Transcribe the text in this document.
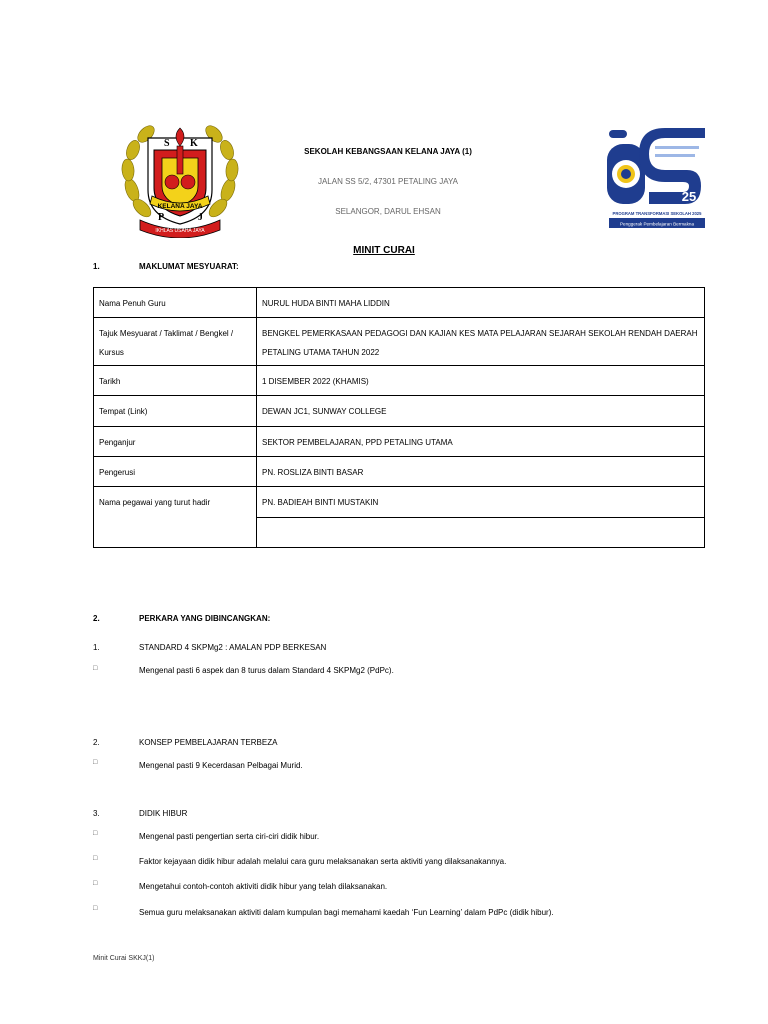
S K
P	J
KELANA JAYA
IKHLAS USAHA JAYA
SEKOLAH KEBANGSAAN KELANA JAYA (1)
JALAN SS 5/2, 47301 PETALING JAYA
SELANGOR, DARUL EHSAN
25
PROGRAM TRANSFORMASI SEKOLAH 2025
Penggerak Pembelajaran Bermakna
MINIT CURAI
1.	MAKLUMAT MESYUARAT:
Nama Penuh Guru	NURUL HUDA BINTI MAHA LIDDIN
Tajuk Mesyuarat / Taklimat / Bengkel / Kursus	BENGKEL PEMERKASAAN PEDAGOGI DAN KAJIAN KES MATA PELAJARAN SEJARAH SEKOLAH RENDAH DAERAH PETALING UTAMA TAHUN 2022
Tarikh	1 DISEMBER 2022 (KHAMIS)
Tempat (Link)	DEWAN JC1, SUNWAY COLLEGE
Penganjur	SEKTOR PEMBELAJARAN, PPD PETALING UTAMA
Pengerusi	PN. ROSLIZA BINTI BASAR
Nama pegawai yang turut hadir	PN. BADIEAH BINTI MUSTAKIN

2.	PERKARA YANG DIBINCANGKAN:
1.	STANDARD 4 SKPMg2 : AMALAN PDP BERKESAN
□	Mengenal pasti 6 aspek dan 8 turus dalam Standard 4 SKPMg2 (PdPc).
2.	KONSEP PEMBELAJARAN TERBEZA
□	Mengenal pasti 9 Kecerdasan Pelbagai Murid.
3.	DIDIK HIBUR
□	Mengenal pasti pengertian serta ciri-ciri didik hibur.
□	Faktor kejayaan didik hibur adalah melalui cara guru melaksanakan serta aktiviti yang dilaksanakannya.
□	Mengetahui contoh-contoh aktiviti didik hibur yang telah dilaksanakan.
□	Semua guru melaksanakan aktiviti dalam kumpulan bagi memahami kaedah ‘Fun Learning’ dalam PdPc (didik hibur).
Minit Curai SKKJ(1)
